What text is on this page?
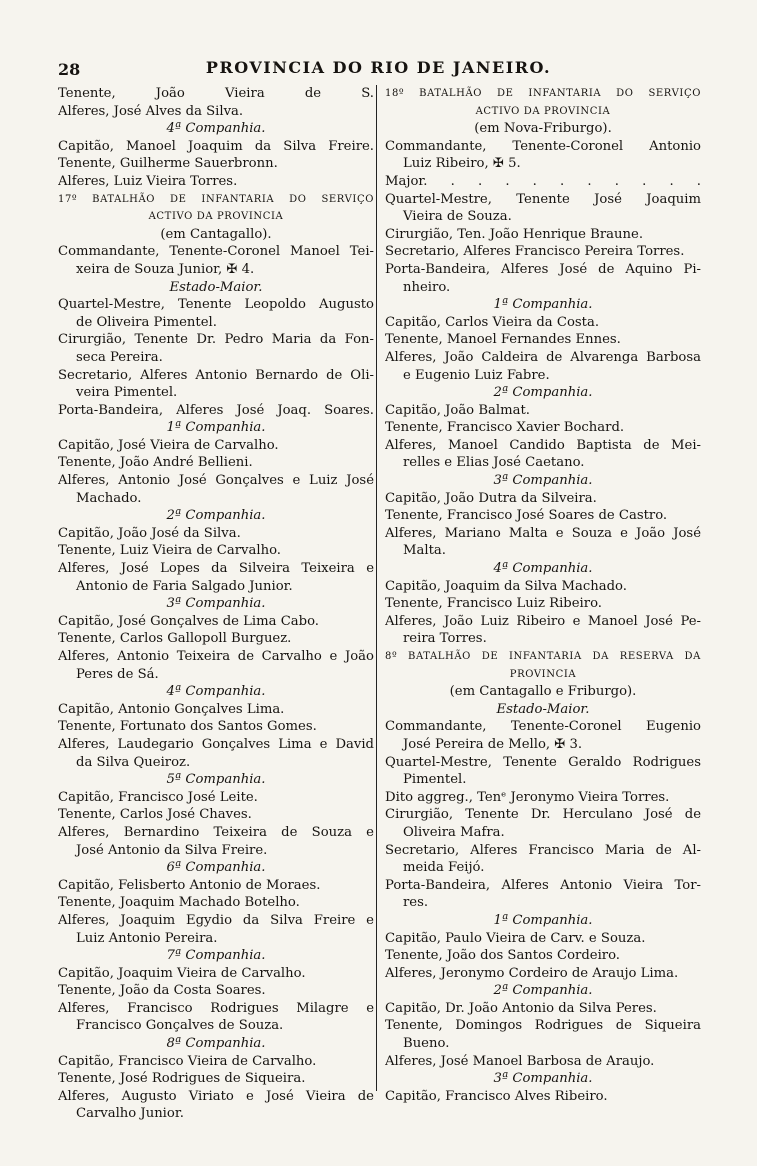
28	PROVINCIA DO RIO DE JANEIRO.
Tenente, João Vieira de S.
Alferes, José Alves da Silva.
4ª Companhia.
Capitão, Manoel Joaquim da Silva Freire.
Tenente, Guilherme Sauerbronn.
Alferes, Luiz Vieira Torres.
17º BATALHÃO DE INFANTARIA DO SERVIÇO
ACTIVO DA PROVINCIA
(em Cantagallo).
Commandante, Tenente-Coronel Manoel Tei-
xeira de Souza Junior, ✠ 4.
Estado-Maior.
Quartel-Mestre, Tenente Leopoldo Augusto
de Oliveira Pimentel.
Cirurgião, Tenente Dr. Pedro Maria da Fon-
seca Pereira.
Secretario, Alferes Antonio Bernardo de Oli-
veira Pimentel.
Porta-Bandeira, Alferes José Joaq. Soares.
1ª Companhia.
Capitão, José Vieira de Carvalho.
Tenente, João André Bellieni.
Alferes, Antonio José Gonçalves e Luiz José
Machado.
2ª Companhia.
Capitão, João José da Silva.
Tenente, Luiz Vieira de Carvalho.
Alferes, José Lopes da Silveira Teixeira e
Antonio de Faria Salgado Junior.
3ª Companhia.
Capitão, José Gonçalves de Lima Cabo.
Tenente, Carlos Gallopoll Burguez.
Alferes, Antonio Teixeira de Carvalho e João
Peres de Sá.
4ª Companhia.
Capitão, Antonio Gonçalves Lima.
Tenente, Fortunato dos Santos Gomes.
Alferes, Laudegario Gonçalves Lima e David
da Silva Queiroz.
5ª Companhia.
Capitão, Francisco José Leite.
Tenente, Carlos José Chaves.
Alferes, Bernardino Teixeira de Souza e
José Antonio da Silva Freire.
6ª Companhia.
Capitão, Felisberto Antonio de Moraes.
Tenente, Joaquim Machado Botelho.
Alferes, Joaquim Egydio da Silva Freire e
Luiz Antonio Pereira.
7ª Companhia.
Capitão, Joaquim Vieira de Carvalho.
Tenente, João da Costa Soares.
Alferes, Francisco Rodrigues Milagre e
Francisco Gonçalves de Souza.
8ª Companhia.
Capitão, Francisco Vieira de Carvalho.
Tenente, José Rodrigues de Siqueira.
Alferes, Augusto Viriato e José Vieira de
Carvalho Junior.
18º BATALHÃO DE INFANTARIA DO SERVIÇO
ACTIVO DA PROVINCIA
(em Nova-Friburgo).
Commandante, Tenente-Coronel Antonio
Luiz Ribeiro, ✠ 5.
Major. . . . . . . . . . .
Quartel-Mestre, Tenente José Joaquim
Vieira de Souza.
Cirurgião, Ten. João Henrique Braune.
Secretario, Alferes Francisco Pereira Torres.
Porta-Bandeira, Alferes José de Aquino Pi-
nheiro.
1ª Companhia.
Capitão, Carlos Vieira da Costa.
Tenente, Manoel Fernandes Ennes.
Alferes, João Caldeira de Alvarenga Barbosa
e Eugenio Luiz Fabre.
2ª Companhia.
Capitão, João Balmat.
Tenente, Francisco Xavier Bochard.
Alferes, Manoel Candido Baptista de Mei-
relles e Elias José Caetano.
3ª Companhia.
Capitão, João Dutra da Silveira.
Tenente, Francisco José Soares de Castro.
Alferes, Mariano Malta e Souza e João José
Malta.
4ª Companhia.
Capitão, Joaquim da Silva Machado.
Tenente, Francisco Luiz Ribeiro.
Alferes, João Luiz Ribeiro e Manoel José Pe-
reira Torres.
8º BATALHÃO DE INFANTARIA DA RESERVA DA
PROVINCIA
(em Cantagallo e Friburgo).
Estado-Maior.
Commandante, Tenente-Coronel Eugenio
José Pereira de Mello, ✠ 3.
Quartel-Mestre, Tenente Geraldo Rodrigues
Pimentel.
Dito aggreg., Tenᵉ Jeronymo Vieira Torres.
Cirurgião, Tenente Dr. Herculano José de
Oliveira Mafra.
Secretario, Alferes Francisco Maria de Al-
meida Feijó.
Porta-Bandeira, Alferes Antonio Vieira Tor-
res.
1ª Companhia.
Capitão, Paulo Vieira de Carv. e Souza.
Tenente, João dos Santos Cordeiro.
Alferes, Jeronymo Cordeiro de Araujo Lima.
2ª Companhia.
Capitão, Dr. João Antonio da Silva Peres.
Tenente, Domingos Rodrigues de Siqueira
Bueno.
Alferes, José Manoel Barbosa de Araujo.
3ª Companhia.
Capitão, Francisco Alves Ribeiro.
